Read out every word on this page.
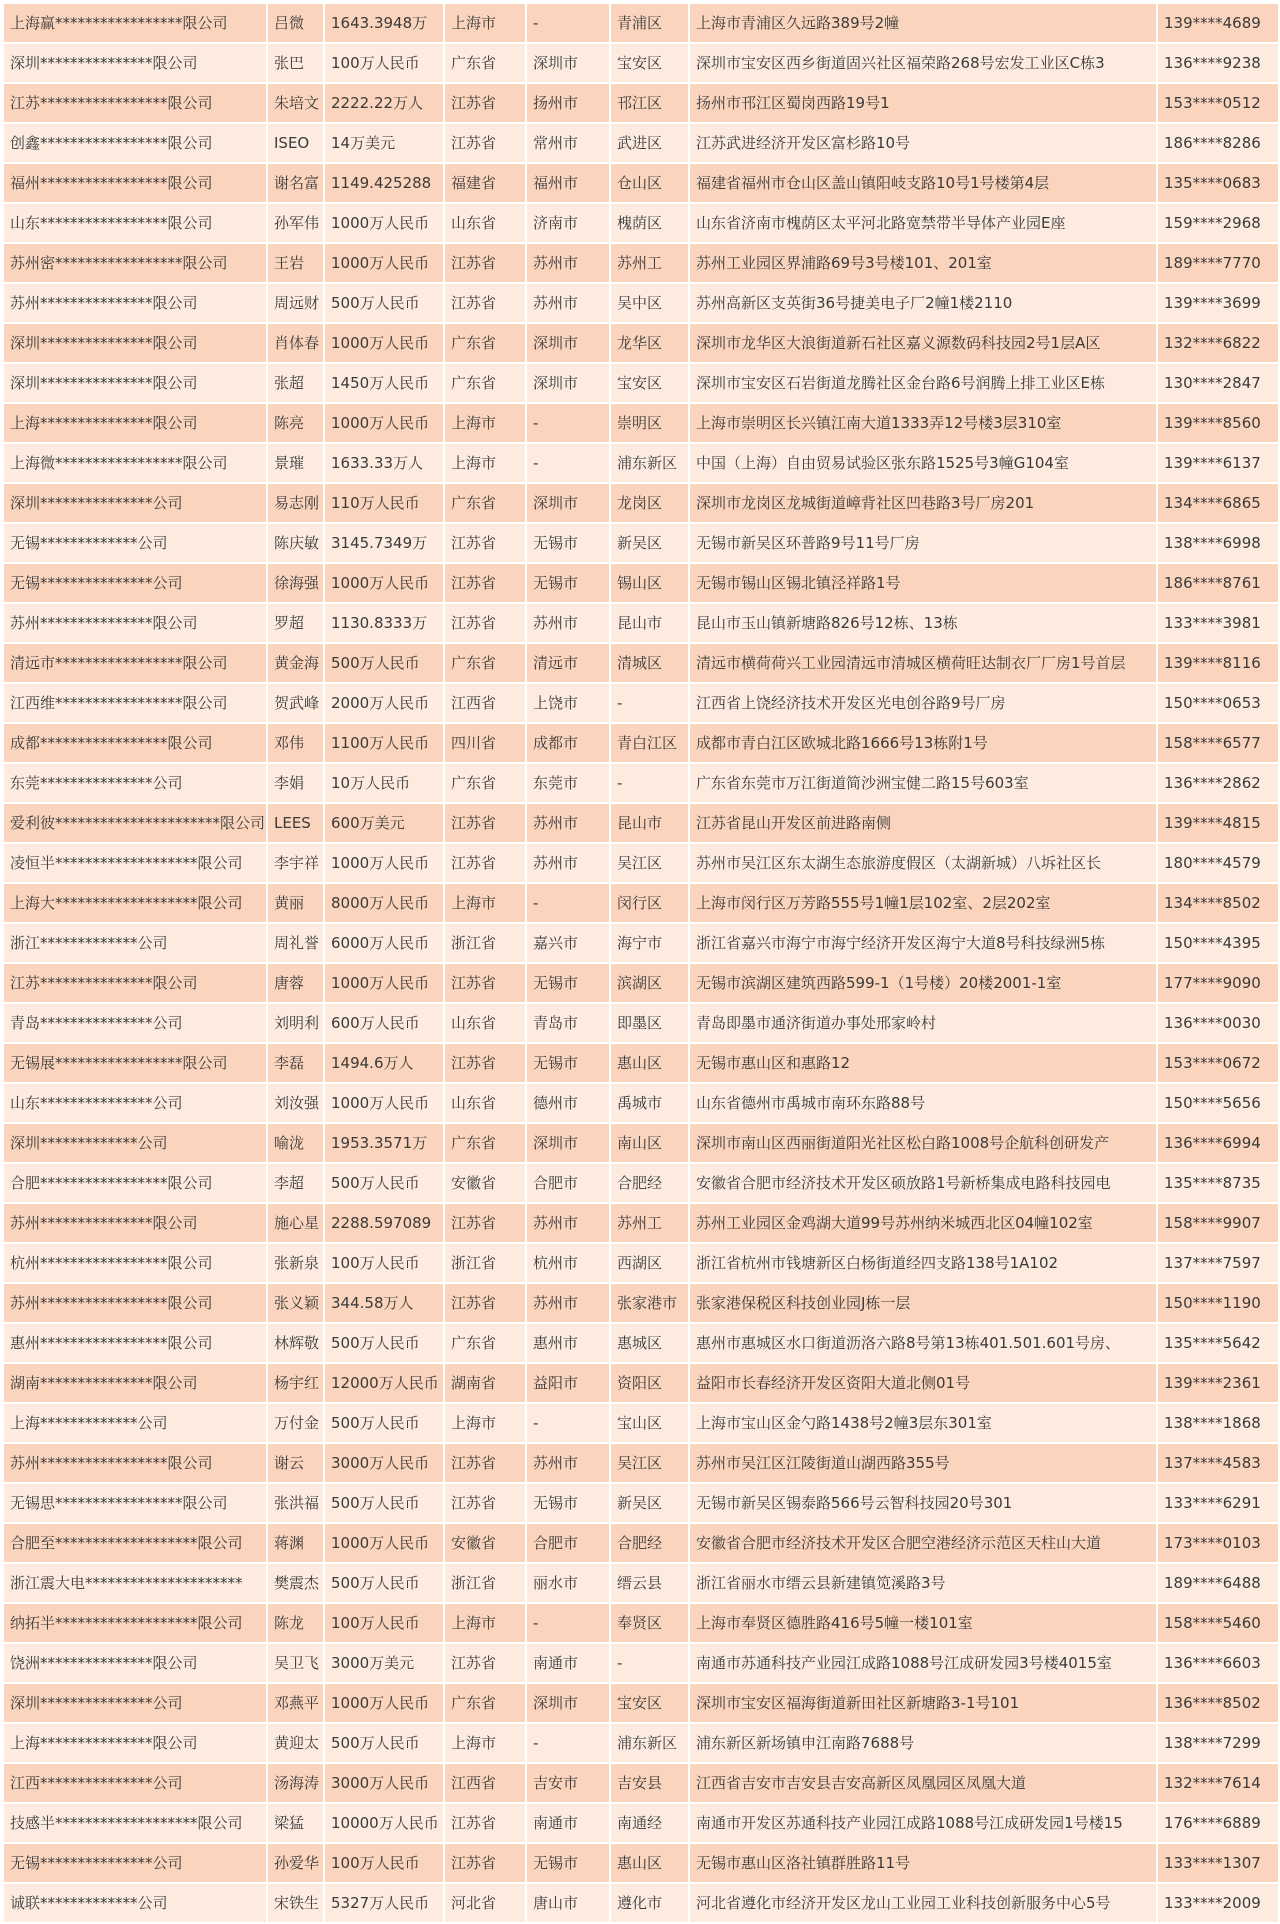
上海赢*****************限公司	吕微	1643.3948万	上海市	-	青浦区	上海市青浦区久远路389号2幢	139****4689
深圳***************限公司	张巴	100万人民币	广东省	深圳市	宝安区	深圳市宝安区西乡街道固兴社区福荣路268号宏发工业区C栋3	136****9238
江苏*****************限公司	朱培文	2222.22万人	江苏省	扬州市	邗江区	扬州市邗江区蜀岗西路19号1	153****0512
创鑫*****************限公司	ISEO	14万美元	江苏省	常州市	武进区	江苏武进经济开发区富杉路10号	186****8286
福州*****************限公司	谢名富	1149.425288	福建省	福州市	仓山区	福建省福州市仓山区盖山镇阳岐支路10号1号楼第4层	135****0683
山东*****************限公司	孙军伟	1000万人民币	山东省	济南市	槐荫区	山东省济南市槐荫区太平河北路宽禁带半导体产业园E座	159****2968
苏州密*****************限公司	王岩	1000万人民币	江苏省	苏州市	苏州工	苏州工业园区界浦路69号3号楼101、201室	189****7770
苏州***************限公司	周远财	500万人民币	江苏省	苏州市	吴中区	苏州高新区支英街36号捷美电子厂2幢1楼2110	139****3699
深圳***************限公司	肖体春	1000万人民币	广东省	深圳市	龙华区	深圳市龙华区大浪街道新石社区嘉义源数码科技园2号1层A区	132****6822
深圳***************限公司	张超	1450万人民币	广东省	深圳市	宝安区	深圳市宝安区石岩街道龙腾社区金台路6号润腾上排工业区E栋	130****2847
上海***************限公司	陈亮	1000万人民币	上海市	-	崇明区	上海市崇明区长兴镇江南大道1333弄12号楼3层310室	139****8560
上海微*****************限公司	景璀	1633.33万人	上海市	-	浦东新区	中国（上海）自由贸易试验区张东路1525号3幢G104室	139****6137
深圳***************公司	易志刚	110万人民币	广东省	深圳市	龙岗区	深圳市龙岗区龙城街道嶂背社区凹巷路3号厂房201	134****6865
无锡*************公司	陈庆敏	3145.7349万	江苏省	无锡市	新吴区	无锡市新吴区环普路9号11号厂房	138****6998
无锡***************公司	徐海强	1000万人民币	江苏省	无锡市	锡山区	无锡市锡山区锡北镇泾祥路1号	186****8761
苏州***************限公司	罗超	1130.8333万	江苏省	苏州市	昆山市	昆山市玉山镇新塘路826号12栋、13栋	133****3981
清远市*****************限公司	黄金海	500万人民币	广东省	清远市	清城区	清远市横荷荷兴工业园清远市清城区横荷旺达制衣厂厂房1号首层	139****8116
江西维*****************限公司	贺武峰	2000万人民币	江西省	上饶市	-	江西省上饶经济技术开发区光电创谷路9号厂房	150****0653
成都*****************限公司	邓伟	1100万人民币	四川省	成都市	青白江区	成都市青白江区欧城北路1666号13栋附1号	158****6577
东莞***************公司	李娟	10万人民币	广东省	东莞市	-	广东省东莞市万江街道简沙洲宝健二路15号603室	136****2862
爱利彼**********************限公司	LEES	600万美元	江苏省	苏州市	昆山市	江苏省昆山开发区前进路南侧	139****4815
凌恒半*******************限公司	李宇祥	1000万人民币	江苏省	苏州市	吴江区	苏州市吴江区东太湖生态旅游度假区（太湖新城）八坼社区长	180****4579
上海大*******************限公司	黄丽	8000万人民币	上海市	-	闵行区	上海市闵行区万芳路555号1幢1层102室、2层202室	134****8502
浙江*************公司	周礼誉	6000万人民币	浙江省	嘉兴市	海宁市	浙江省嘉兴市海宁市海宁经济开发区海宁大道8号科技绿洲5栋	150****4395
江苏***************限公司	唐蓉	1000万人民币	江苏省	无锡市	滨湖区	无锡市滨湖区建筑西路599-1（1号楼）20楼2001-1室	177****9090
青岛***************公司	刘明利	600万人民币	山东省	青岛市	即墨区	青岛即墨市通济街道办事处邢家岭村	136****0030
无锡展*****************限公司	李磊	1494.6万人	江苏省	无锡市	惠山区	无锡市惠山区和惠路12	153****0672
山东***************公司	刘汝强	1000万人民币	山东省	德州市	禹城市	山东省德州市禹城市南环东路88号	150****5656
深圳*************公司	喻泷	1953.3571万	广东省	深圳市	南山区	深圳市南山区西丽街道阳光社区松白路1008号企航科创研发产	136****6994
合肥*****************限公司	李超	500万人民币	安徽省	合肥市	合肥经	安徽省合肥市经济技术开发区硕放路1号新桥集成电路科技园电	135****8735
苏州***************限公司	施心星	2288.597089	江苏省	苏州市	苏州工	苏州工业园区金鸡湖大道99号苏州纳米城西北区04幢102室	158****9907
杭州*****************限公司	张新泉	100万人民币	浙江省	杭州市	西湖区	浙江省杭州市钱塘新区白杨街道经四支路138号1A102	137****7597
苏州*****************限公司	张义颖	344.58万人	江苏省	苏州市	张家港市	张家港保税区科技创业园J栋一层	150****1190
惠州*****************限公司	林辉敬	500万人民币	广东省	惠州市	惠城区	惠州市惠城区水口街道沥洛六路8号第13栋401.501.601号房、	135****5642
湖南***************限公司	杨宇红	12000万人民币	湖南省	益阳市	资阳区	益阳市长春经济开发区资阳大道北侧01号	139****2361
上海*************公司	万付金	500万人民币	上海市	-	宝山区	上海市宝山区金勺路1438号2幢3层东301室	138****1868
苏州*****************限公司	谢云	3000万人民币	江苏省	苏州市	吴江区	苏州市吴江区江陵街道山湖西路355号	137****4583
无锡思*****************限公司	张洪福	500万人民币	江苏省	无锡市	新吴区	无锡市新吴区锡泰路566号云智科技园20号301	133****6291
合肥至*******************限公司	蒋渊	1000万人民币	安徽省	合肥市	合肥经	安徽省合肥市经济技术开发区合肥空港经济示范区天柱山大道	173****0103
浙江震大电*********************	樊震杰	500万人民币	浙江省	丽水市	缙云县	浙江省丽水市缙云县新建镇笕溪路3号	189****6488
纳拓半*******************限公司	陈龙	100万人民币	上海市	-	奉贤区	上海市奉贤区德胜路416号5幢一楼101室	158****5460
饶洲***************限公司	吴卫飞	3000万美元	江苏省	南通市	-	南通市苏通科技产业园江成路1088号江成研发园3号楼4015室	136****6603
深圳***************公司	邓燕平	1000万人民币	广东省	深圳市	宝安区	深圳市宝安区福海街道新田社区新塘路3-1号101	136****8502
上海***************限公司	黄迎太	500万人民币	上海市	-	浦东新区	浦东新区新场镇申江南路7688号	138****7299
江西***************公司	汤海涛	3000万人民币	江西省	吉安市	吉安县	江西省吉安市吉安县吉安高新区凤凰园区凤凰大道	132****7614
技感半*******************限公司	梁猛	10000万人民币	江苏省	南通市	南通经	南通市开发区苏通科技产业园江成路1088号江成研发园1号楼15	176****6889
无锡***************公司	孙爱华	100万人民币	江苏省	无锡市	惠山区	无锡市惠山区洛社镇群胜路11号	133****1307
诚联*************公司	宋铁生	5327万人民币	河北省	唐山市	遵化市	河北省遵化市经济开发区龙山工业园工业科技创新服务中心5号	133****2009
